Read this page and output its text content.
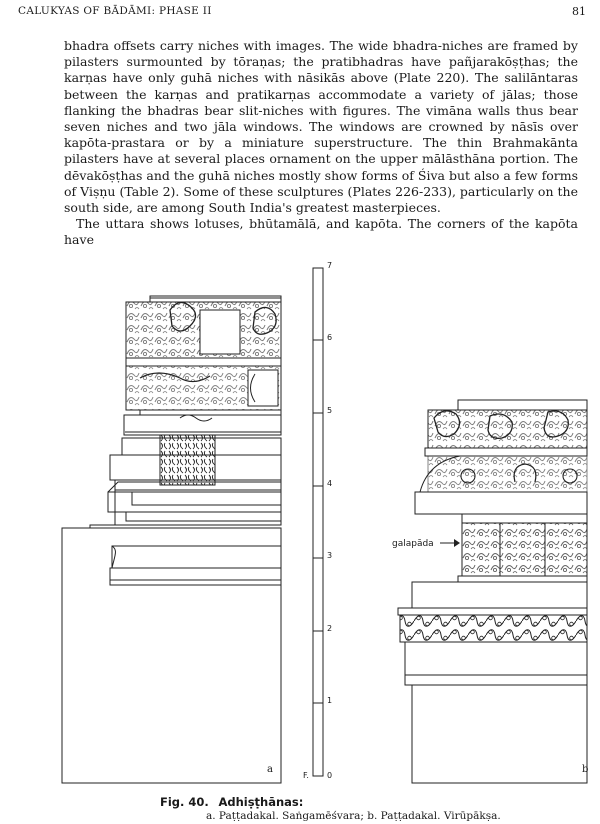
CALUKYAS OF BĀDĀMI: PHASE II	81

bhadra offsets carry niches with images. The wide bhadra-niches are framed by pilasters surmounted by tōraṇas; the pratibhadras have pañjarakōṣṭhas; the karṇas have only guhā niches with nāsikās above (Plate 220). The salilāntaras between the karṇas and pratikarṇas accommodate a variety of jālas; those flanking the bhadras bear slit-niches with figures. The vimāna walls thus bear seven niches and two jāla windows. The windows are crowned by nāsīs over kapōta-prastara or by a miniature superstructure. The thin Brahmakānta pilasters have at several places ornament on the upper mālāsthāna portion. The dēvakōṣṭhas and the guhā niches mostly show forms of Śiva but also a few forms of Viṣṇu (Table 2). Some of these sculptures (Plates 226-233), particularly on the south side, are among South India's greatest masterpieces.

The uttara shows lotuses, bhūtamālā, and kapōta. The corners of the kapōta have

a
7
6
5
4
3
2
1
0
F.
b
galapāda
Fig. 40. Adhiṣṭhānas:
a. Paṭṭadakal. Saṅgamēśvara; b. Paṭṭadakal. Virūpākṣa.
